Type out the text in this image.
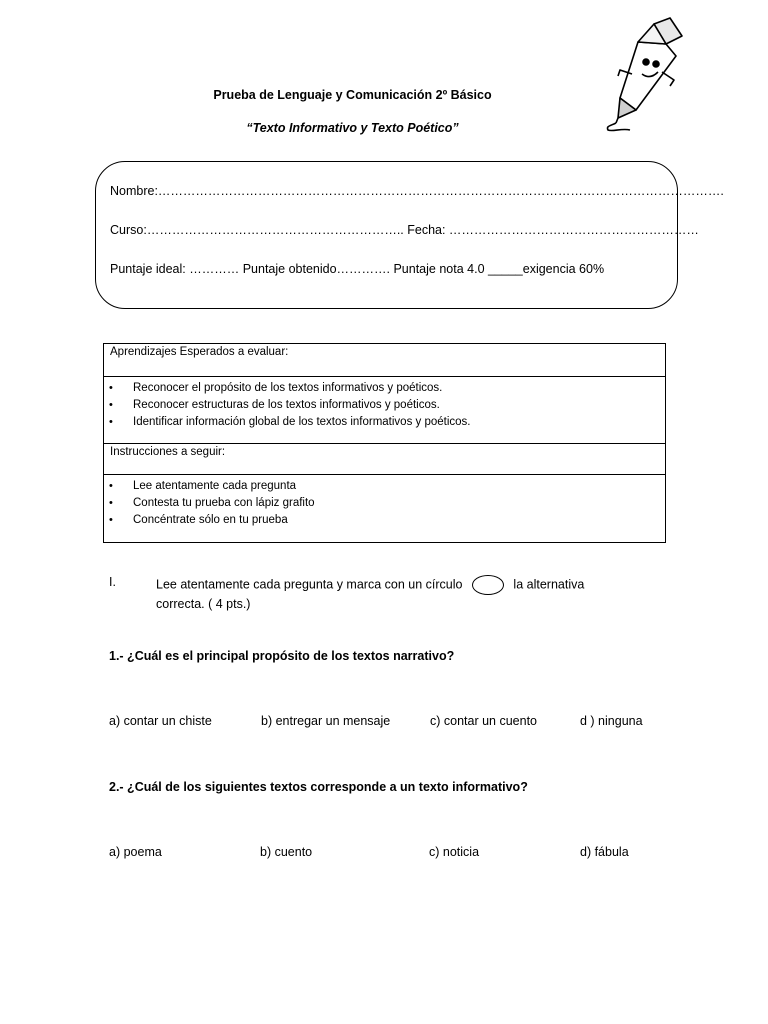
Prueba de Lenguaje y Comunicación 2º Básico
“Texto Informativo y Texto Poético”
Nombre:……………………………………………………………………………………………………………………….
Curso:…………………………………………………….. Fecha: ……………………………………………………
Puntaje ideal: ………… Puntaje obtenido…………. Puntaje nota 4.0 _____exigencia 60%
Aprendizajes Esperados a evaluar:
• Reconocer el propósito de los textos informativos y poéticos.
• Reconocer estructuras de los textos informativos y poéticos.
• Identificar información global de los textos informativos y poéticos.
Instrucciones a seguir:
• Lee atentamente cada pregunta
• Contesta tu prueba con lápiz grafito
• Concéntrate sólo en tu prueba
I.	Lee atentamente cada pregunta y marca con un círculo	la alternativa
correcta. ( 4 pts.)
1.- ¿Cuál es el principal propósito de los textos narrativo?
a) contar un chiste	b) entregar un mensaje	c) contar un cuento	d ) ninguna
2.- ¿Cuál de los siguientes textos corresponde a un texto informativo?
a) poema	b) cuento	c) noticia	d) fábula
